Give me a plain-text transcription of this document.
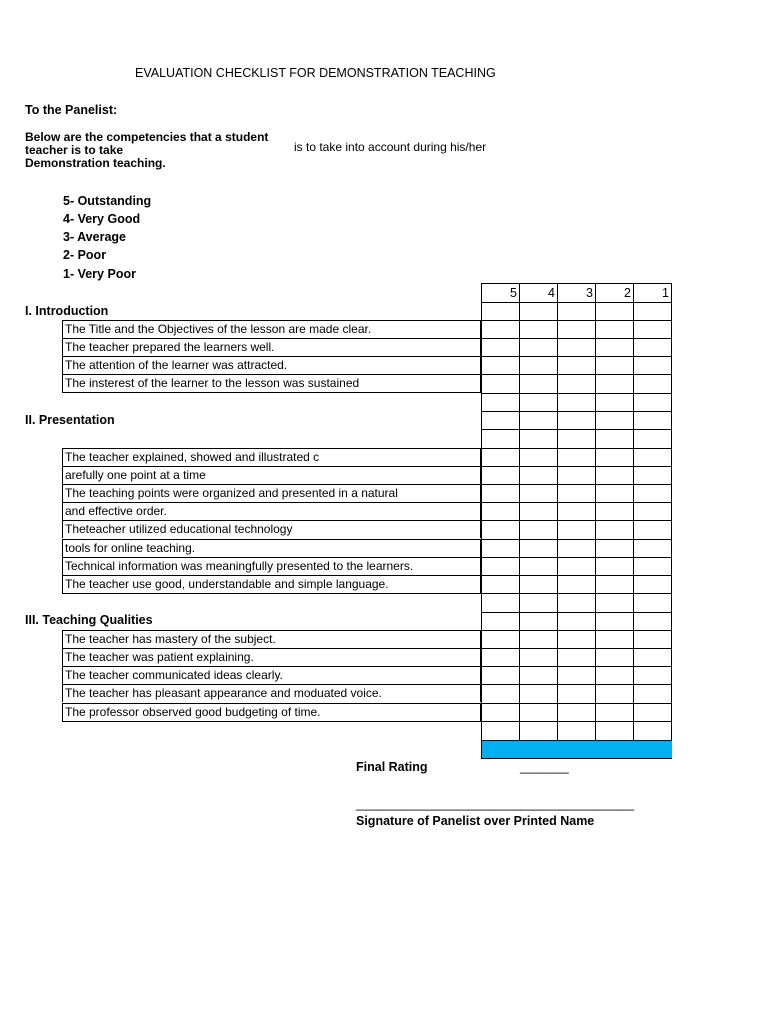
EVALUATION CHECKLIST FOR DEMONSTRATION TEACHING
To the Panelist:
Below are the competencies that a student
teacher is to take
Demonstration teaching.
is to take into account during his/her
5- Outstanding
4- Very Good
3- Average
2- Poor
1- Very Poor
5	4	3	2	1
I. Introduction
The Title and the Objectives of the lesson are made clear.
The teacher prepared the learners well.
The attention of the learner was attracted.
The insterest of the learner to the lesson was sustained
II. Presentation
The teacher explained, showed and illustrated c
arefully one point at a time
The teaching points were organized and presented in a natural
and effective order.
Theteacher utilized educational technology
tools for online teaching.
Technical information was meaningfully presented to the learners.
The teacher use good, understandable and simple language.
III. Teaching Qualities
The teacher has mastery of the subject.
The teacher was patient explaining.
The teacher communicated ideas clearly.
The teacher has pleasant appearance and moduated voice.
The professor observed good budgeting of time.
Final Rating	_______
________________________________________
Signature of Panelist over Printed Name
